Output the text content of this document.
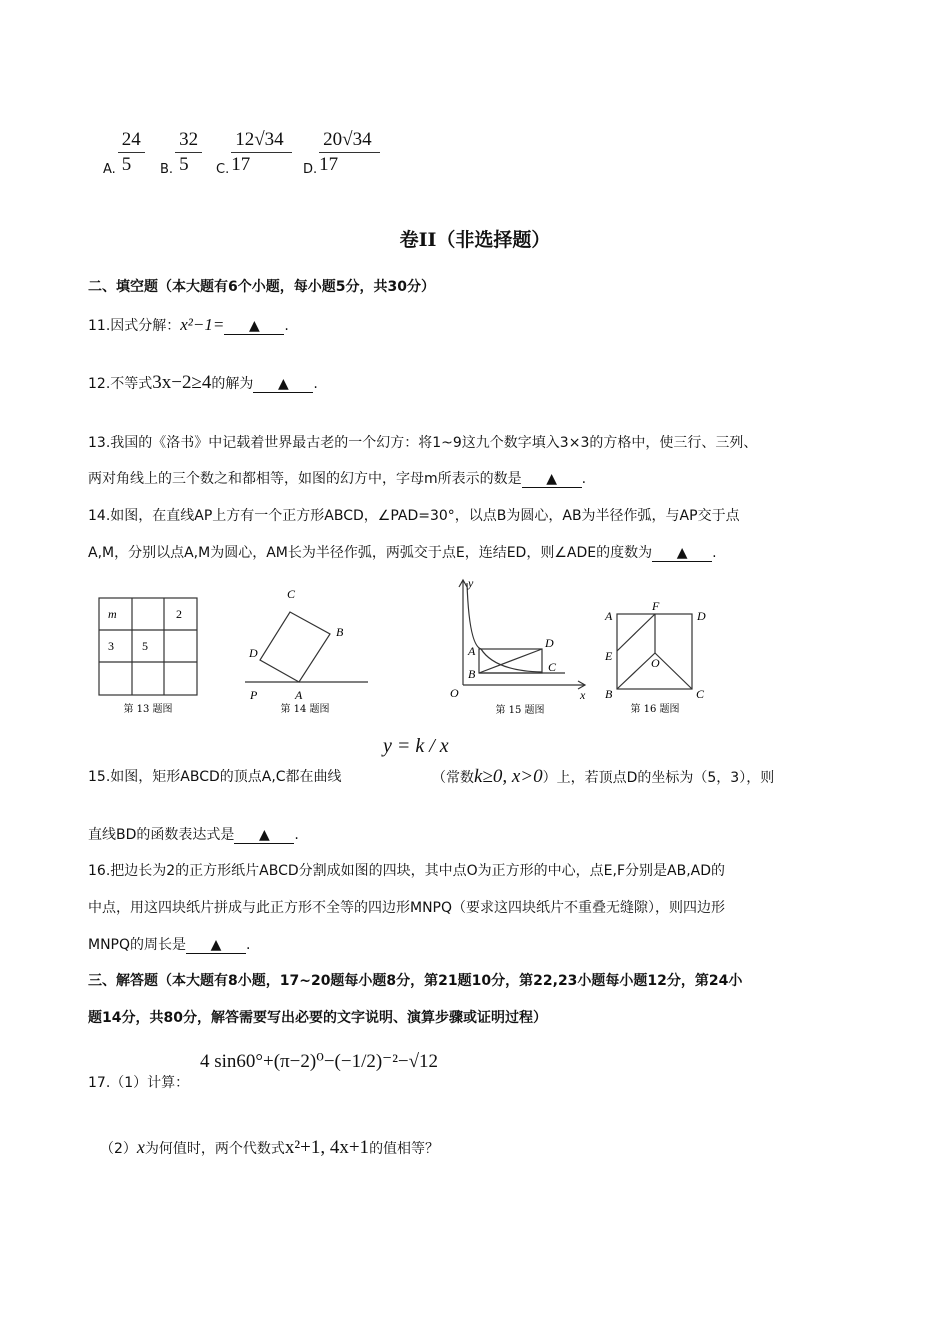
A. $\frac{24}{5} B$. $\frac{32}{5} C$. $\frac{12√34}{17} D$. $\frac{20√34}{17}$
卷II（非选择题）
二、填空题（本大题有6个小题，每小题5分，共30分）
11.因式分解：x²−1= ▲ .
12.不等式3x−2≥4的解为 ▲ .
13.我国的《洛书》中记载着世界最古老的一个幻方：将1~9这九个数字填入3×3的方格中，使三行、三列、
两对角线上的三个数之和都相等，如图的幻方中，字母m所表示的数是 ▲ .
14.如图，在直线AP上方有一个正方形ABCD，∠PAD=30°，以点B为圆心，AB为半径作弧，与AP交于点
A,M，分别以点A,M为圆心，AM长为半径作弧，两弧交于点E，连结ED，则∠ADE的度数为 ▲ .
m	2
3 5
第 13 题图
P	A
D
C
B
第 14 题图
y
O	x
A
B
D
C
第 15 题图
A
F
D
E	O
B	C
第 16 题图
15.如图，矩形ABCD的顶点A,C都在曲线
y = k / x
（常数k≥0, x>0）上，若顶点D的坐标为（5，3），则
直线BD的函数表达式是 ▲ .
16.把边长为2的正方形纸片ABCD分割成如图的四块，其中点O为正方形的中心，点E,F分别是AB,AD的
中点，用这四块纸片拼成与此正方形不全等的四边形MNPQ（要求这四块纸片不重叠无缝隙），则四边形
MNPQ的周长是 ▲ .
三、解答题（本大题有8小题，17~20题每小题8分，第21题10分，第22,23小题每小题12分，第24小
题14分，共80分，解答需要写出必要的文字说明、演算步骤或证明过程）
17.（1）计算：
4 sin60°+(π−2)⁰−(−1/2)⁻²−√12
（2）x为何值时，两个代数式x²+1, 4x+1的值相等？
